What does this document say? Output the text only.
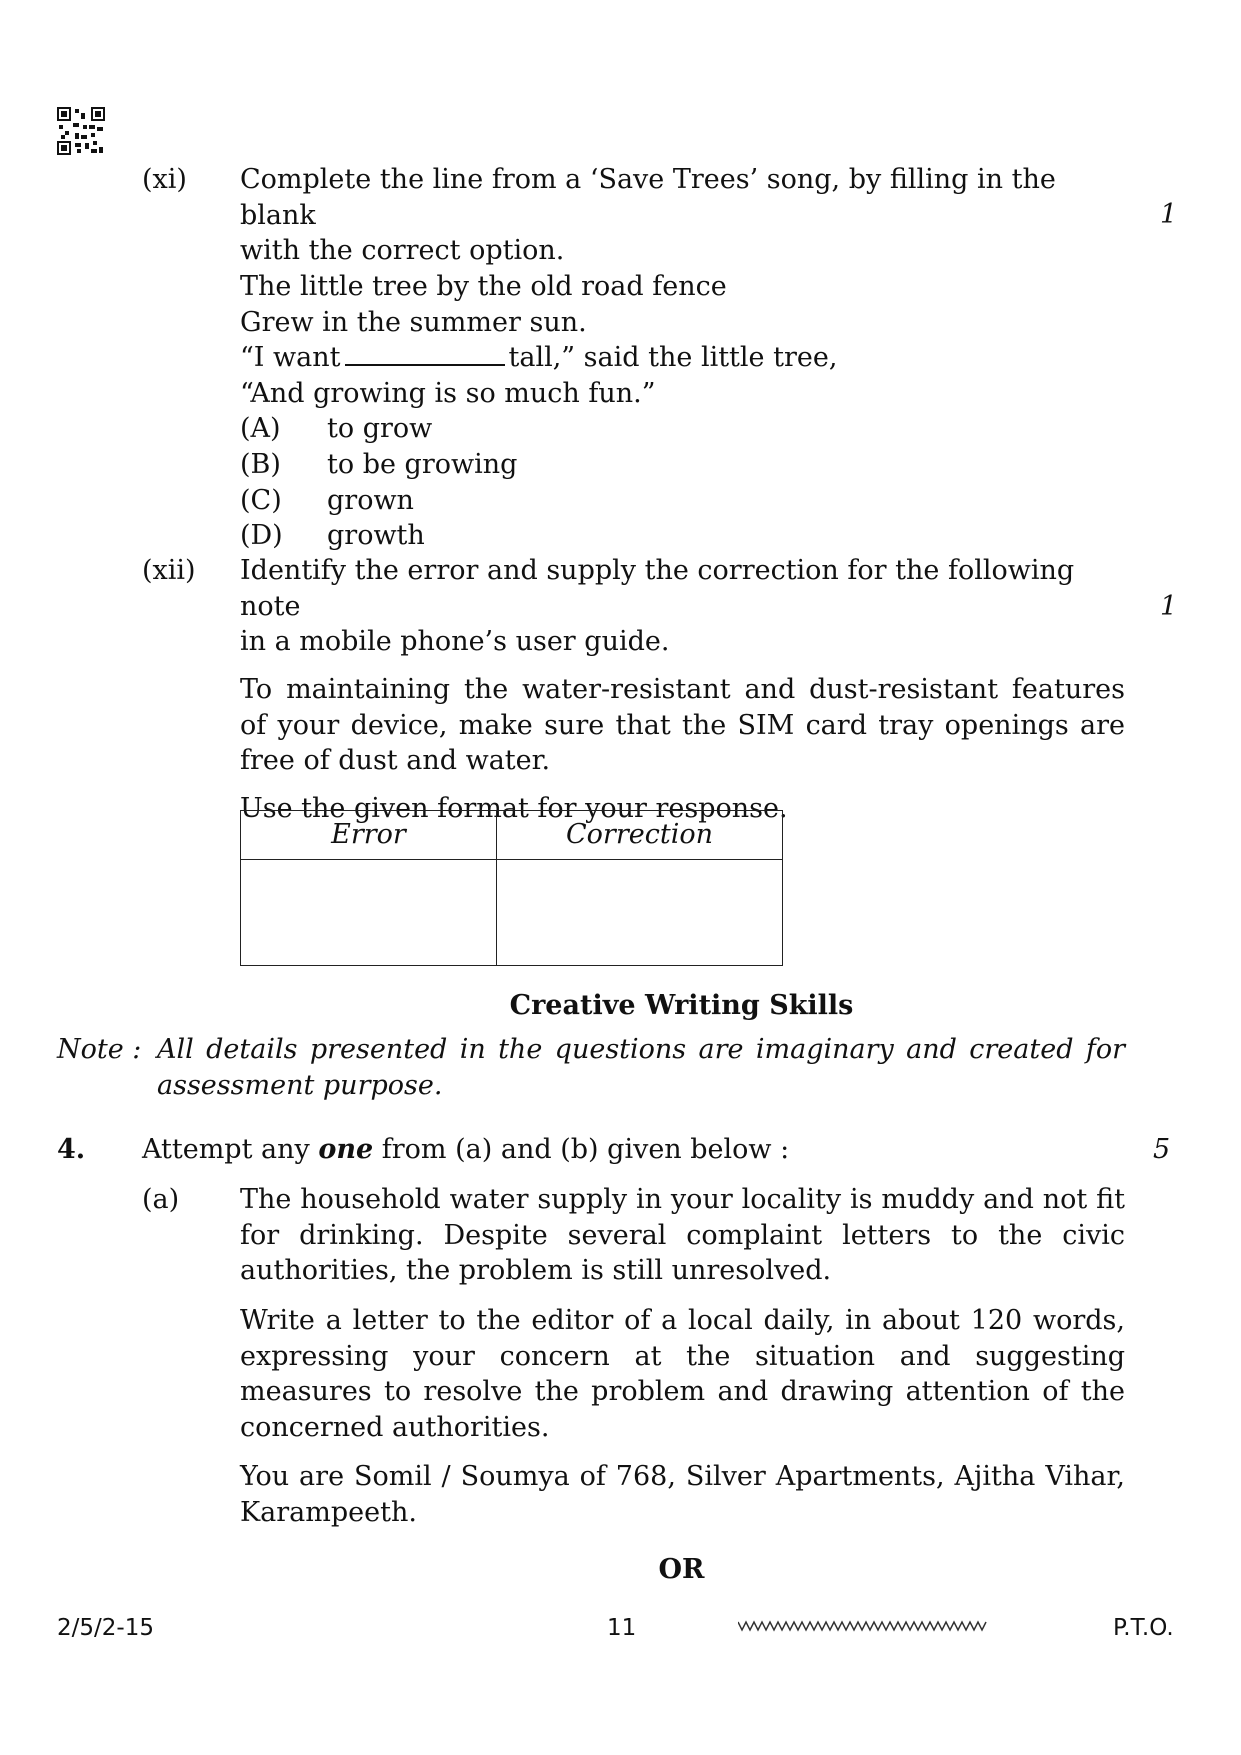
(xi) Complete the line from a ‘Save Trees’ song, by filling in the blank

with the correct option.

The little tree by the old road fence

Grew in the summer sun.

“I want	tall,” said the little tree,

“And growing is so much fun.”

(A)	to grow
(B)	to be growing
(C)	grown
(D)	growth
1
(xii) Identify the error and supply the correction for the following note

in a mobile phone’s user guide.

To maintaining the water-resistant and dust-resistant features of your device, make sure that the SIM card tray openings are free of dust and water.

Use the given format for your response.

1
Error	Correction

Creative Writing Skills
Note : All details presented in the questions are imaginary and created for assessment purpose.
4. Attempt any one from (a) and (b) given below :	5
(a) The household water supply in your locality is muddy and not fit for drinking. Despite several complaint letters to the civic authorities, the problem is still unresolved.

Write a letter to the editor of a local daily, in about 120 words, expressing your concern at the situation and suggesting measures to resolve the problem and drawing attention of the concerned authorities.

You are Somil / Soumya of 768, Silver Apartments, Ajitha Vihar, Karampeeth.

OR
2/5/2-15	11	P.T.O.
